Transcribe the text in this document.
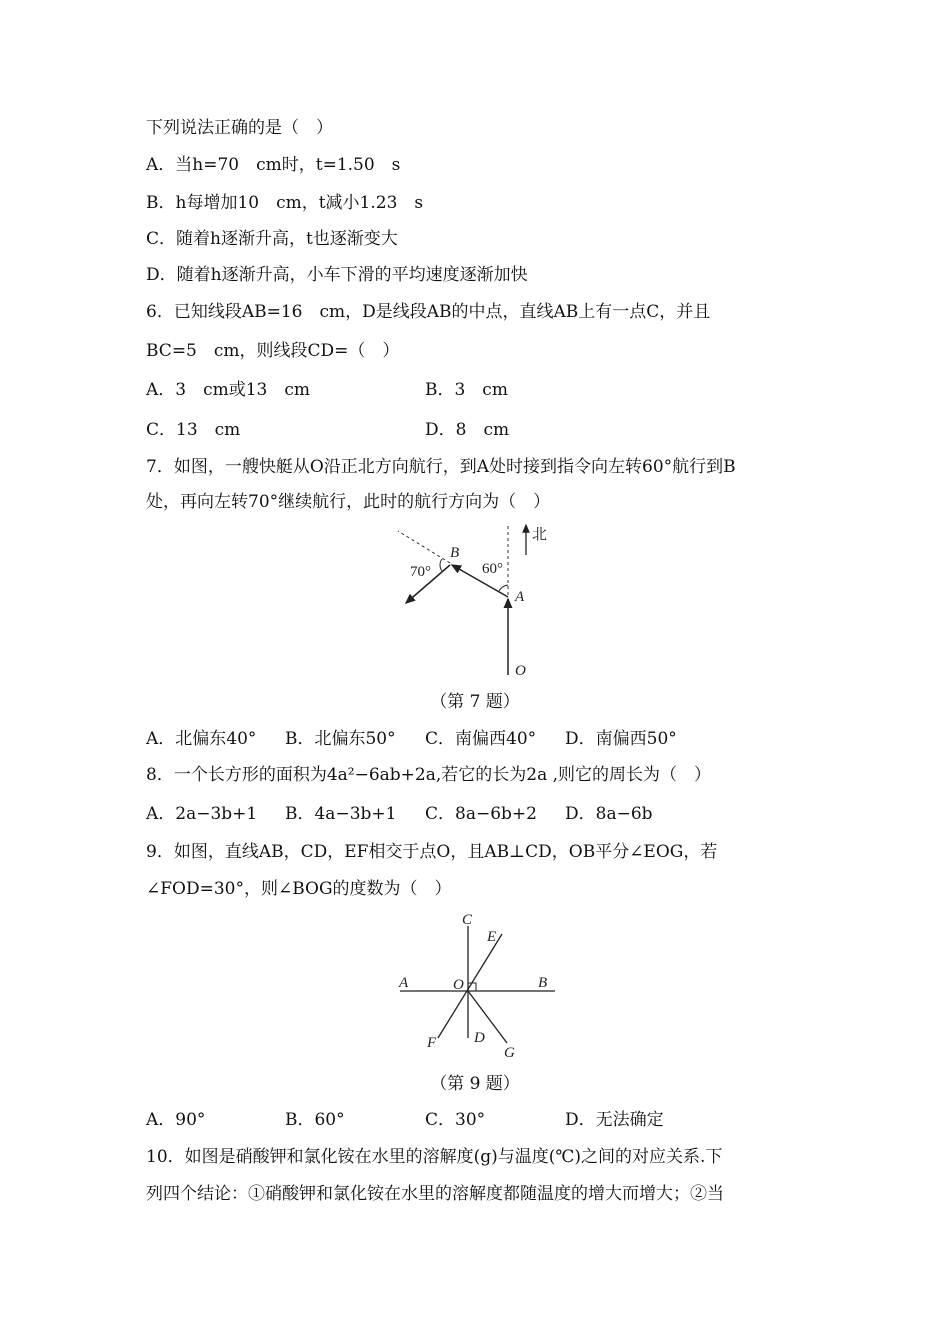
下列说法正确的是（　）
A．当h=70　cm时，t=1.50　s
B．h每增加10　cm，t减小1.23　s
C．随着h逐渐升高，t也逐渐变大
D．随着h逐渐升高，小车下滑的平均速度逐渐加快
6．已知线段AB=16　cm，D是线段AB的中点，直线AB上有一点C，并且
BC=5　cm，则线段CD=（　）
A．3　cm或13　cm	B．3　cm
C．13　cm	D．8　cm
7．如图，一艘快艇从O沿正北方向航行，到A处时接到指令向左转60°航行到B
处，再向左转70°继续航行，此时的航行方向为（　）
北
60°
70°
A
B
O
（第 7 题）
A．北偏东40° B．北偏东50° C．南偏西40° D．南偏西50°
8．一个长方形的面积为4a²−6ab+2a,若它的长为2a ,则它的周长为（　）
A．2a−3b+1 B．4a−3b+1 C．8a−6b+2 D．8a−6b
9．如图，直线AB，CD，EF相交于点O，且AB⊥CD，OB平分∠EOG，若
∠FOD=30°，则∠BOG的度数为（　）
A	B
C
D
E
F
G
O
（第 9 题）
A．90°	B．60°	C．30°	D．无法确定
10．如图是硝酸钾和氯化铵在水里的溶解度(g)与温度(℃)之间的对应关系.下
列四个结论：①硝酸钾和氯化铵在水里的溶解度都随温度的增大而增大；②当
